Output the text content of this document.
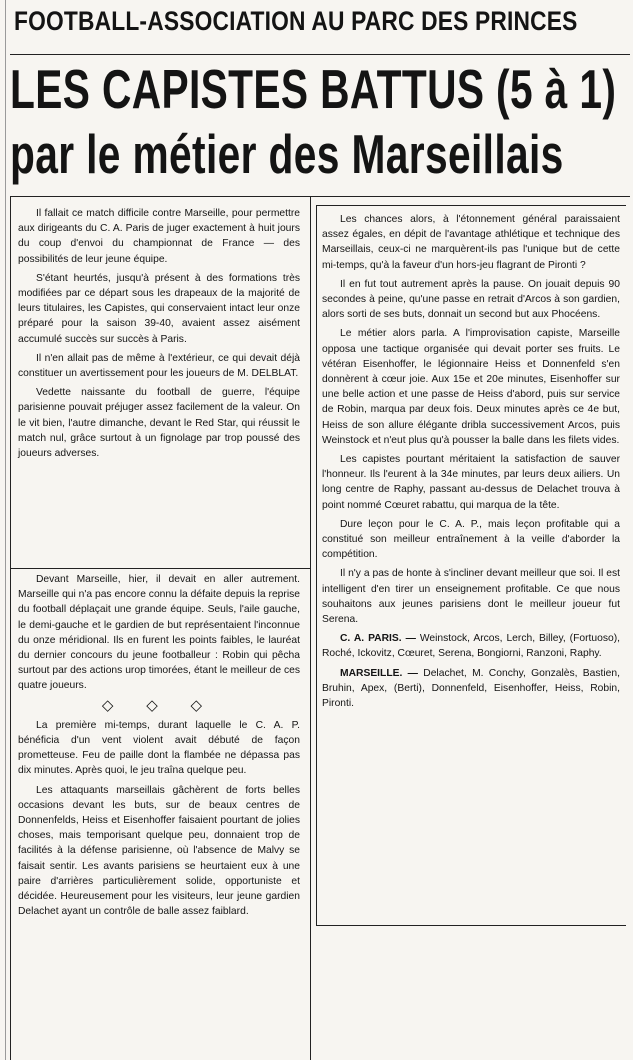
FOOTBALL-ASSOCIATION AU PARC DES PRINCES
LES CAPISTES BATTUS (5 à 1)
par le métier des Marseillais

Il fallait ce match difficile contre Marseille, pour permettre aux dirigeants du C. A. Paris de juger exactement à huit jours du coup d'envoi du championnat de France — des possibilités de leur jeune équipe.

S'étant heurtés, jusqu'à présent à des formations très modifiées par ce départ sous les drapeaux de la majorité de leurs titulaires, les Capistes, qui conservaient intact leur onze préparé pour la saison 39-40, avaient assez aisément accumulé succès sur succès à Paris.

Il n'en allait pas de même à l'extérieur, ce qui devait déjà constituer un avertissement pour les joueurs de M. DELBLAT.

Vedette naissante du football de guerre, l'équipe parisienne pouvait préjuger assez facilement de la valeur. On le vit bien, l'autre dimanche, devant le Red Star, qui réussit le match nul, grâce surtout à un fignolage par trop poussé des joueurs adverses.

Devant Marseille, hier, il devait en aller autrement. Marseille qui n'a pas encore connu la défaite depuis la reprise du football déplaçait une grande équipe. Seuls, l'aile gauche, le demi-gauche et le gardien de but représentaient l'inconnue du onze méridional. Ils en furent les points faibles, le lauréat du dernier concours du jeune footballeur : Robin qui pêcha surtout par des actions urop timorées, étant le meilleur de ces quatre joueurs.

◇ ◇ ◇

La première mi-temps, durant laquelle le C. A. P. bénéficia d'un vent violent avait débuté de façon prometteuse. Feu de paille dont la flambée ne dépassa pas dix minutes. Après quoi, le jeu traîna quelque peu.

Les attaquants marseillais gâchèrent de forts belles occasions devant les buts, sur de beaux centres de Donnenfelds, Heiss et Eisenhoffer faisaient pourtant de jolies choses, mais temporisant quelque peu, donnaient trop de facilités à la défense parisienne, où l'absence de Malvy se faisait sentir. Les avants parisiens se heurtaient eux à une paire d'arrières particulièrement solide, opportuniste et décidée. Heureusement pour les visiteurs, leur jeune gardien Delachet ayant un contrôle de balle assez faiblard.

Les chances alors, à l'étonnement général paraissaient assez égales, en dépit de l'avantage athlétique et technique des Marseillais, ceux-ci ne marquèrent-ils pas l'unique but de cette mi-temps, qu'à la faveur d'un hors-jeu flagrant de Pironti ?

Il en fut tout autrement après la pause. On jouait depuis 90 secondes à peine, qu'une passe en retrait d'Arcos à son gardien, alors sorti de ses buts, donnait un second but aux Phocéens.

Le métier alors parla. A l'improvisation capiste, Marseille opposa une tactique organisée qui devait porter ses fruits. Le vétéran Eisenhoffer, le légionnaire Heiss et Donnenfeld s'en donnèrent à cœur joie. Aux 15e et 20e minutes, Eisenhoffer sur une belle action et une passe de Heiss d'abord, puis sur service de Robin, marqua par deux fois. Deux minutes après ce 4e but, Heiss de son allure élégante dribla successivement Arcos, puis Weinstock et n'eut plus qu'à pousser la balle dans les filets vides.

Les capistes pourtant méritaient la satisfaction de sauver l'honneur. Ils l'eurent à la 34e minutes, par leurs deux ailiers. Un long centre de Raphy, passant au-dessus de Delachet trouva à point nommé Cœuret rabattu, qui marqua de la tête.

Dure leçon pour le C. A. P., mais leçon profitable qui a constitué son meilleur entraînement à la veille d'aborder la compétition.

Il n'y a pas de honte à s'incliner devant meilleur que soi. Il est intelligent d'en tirer un enseignement profitable. Ce que nous souhaitons aux jeunes parisiens dont le meilleur joueur fut Serena.

C. A. PARIS. — Weinstock, Arcos, Lerch, Billey, (Fortuoso), Roché, Ickovitz, Cœuret, Serena, Bongiorni, Ranzoni, Raphy.

MARSEILLE. — Delachet, M. Conchy, Gonzalès, Bastien, Bruhin, Apex, (Berti), Donnenfeld, Eisenhoffer, Heiss, Robin, Pironti.
